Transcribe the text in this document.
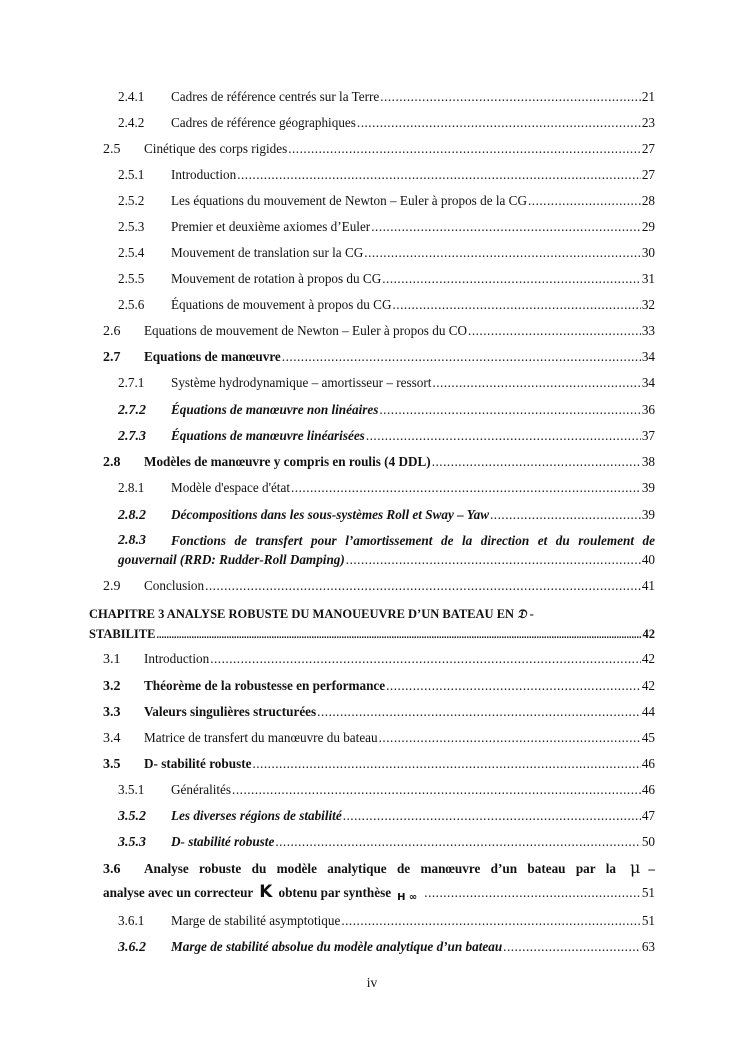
2.4.1	Cadres de référence centrés sur la Terre .....	21
2.4.2	Cadres de référence géographiques .....	23
2.5	Cinétique des corps rigides .....	27
2.5.1	Introduction .....	27
2.5.2	Les équations du mouvement de Newton – Euler à propos de la CG .....	28
2.5.3	Premier et deuxième axiomes d’Euler .....	29
2.5.4	Mouvement de translation sur la CG .....	30
2.5.5	Mouvement de rotation à propos du CG .....	31
2.5.6	Équations de mouvement à propos du CG .....	32
2.6	Equations de mouvement de Newton – Euler à propos du CO .....	33
2.7	Equations de manœuvre .....	34
2.7.1	Système hydrodynamique – amortisseur – ressort .....	34
2.7.2	Équations de manœuvre non linéaires .....	36
2.7.3	Équations de manœuvre linéarisées .....	37
2.8	Modèles de manœuvre y compris en roulis (4 DDL) .....	38
2.8.1	Modèle d'espace d'état .....	39
2.8.2	Décompositions dans les sous-systèmes Roll et Sway – Yaw .....	39
2.8.3	Fonctions de transfert pour l’amortissement de la direction et du roulement de
gouvernail (RRD: Rudder-Roll Damping) .....	40
2.9	Conclusion .....	41
CHAPITRE 3 ANALYSE ROBUSTE DU MANOUEUVRE D’UN BATEAU EN 𝔇 -
STABILITE .....	42
3.1	Introduction .....	42
3.2	Théorème de la robustesse en performance .....	42
3.3	Valeurs singulières structurées .....	44
3.4	Matrice de transfert du manœuvre du bateau .....	45
3.5	D- stabilité robuste .....	46
3.5.1	Généralités .....	46
3.5.2	Les diverses régions de stabilité .....	47
3.5.3	D- stabilité robuste .....	50
3.6	Analyse robuste du modèle analytique de manœuvre d’un bateau par la μ –
analyse avec un correcteur K obtenu par synthèse H ∞ .....	51
3.6.1	Marge de stabilité asymptotique .....	51
3.6.2	Marge de stabilité absolue du modèle analytique d’un bateau .....	63
iv
